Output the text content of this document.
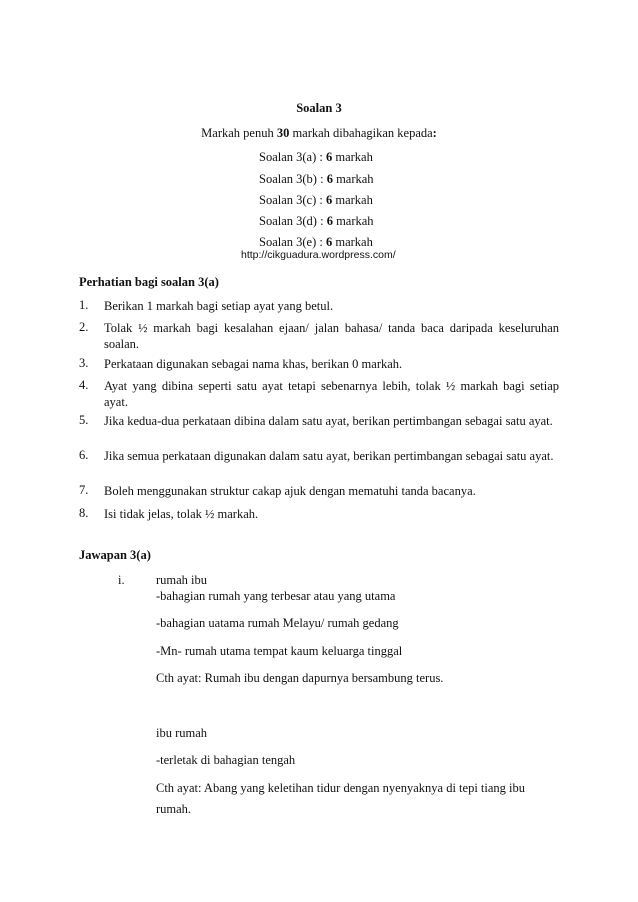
Soalan 3
Markah penuh 30 markah dibahagikan kepada:
Soalan 3(a) : 6 markah
Soalan 3(b) : 6 markah
Soalan 3(c) : 6 markah
Soalan 3(d) : 6 markah
Soalan 3(e) : 6 markah
http://cikguadura.wordpress.com/
Perhatian bagi soalan 3(a)
1. Berikan 1 markah bagi setiap ayat yang betul.
2. Tolak ½ markah bagi kesalahan ejaan/ jalan bahasa/ tanda baca daripada keseluruhan soalan.
3. Perkataan digunakan sebagai nama khas, berikan 0 markah.
4. Ayat yang dibina seperti satu ayat tetapi sebenarnya lebih, tolak ½ markah bagi setiap ayat.
5. Jika kedua-dua perkataan dibina dalam satu ayat, berikan pertimbangan sebagai satu ayat.
6. Jika semua perkataan digunakan dalam satu ayat, berikan pertimbangan sebagai satu ayat.
7. Boleh menggunakan struktur cakap ajuk dengan mematuhi tanda bacanya.
8. Isi tidak jelas, tolak ½ markah.
Jawapan 3(a)
i.	rumah ibu
-bahagian rumah yang terbesar atau yang utama
-bahagian uatama rumah Melayu/ rumah gedang
-Mn- rumah utama tempat kaum keluarga tinggal
Cth ayat: Rumah ibu dengan dapurnya bersambung terus.
ibu rumah
-terletak di bahagian tengah
Cth ayat: Abang yang keletihan tidur dengan nyenyaknya di tepi tiang ibu
rumah.
